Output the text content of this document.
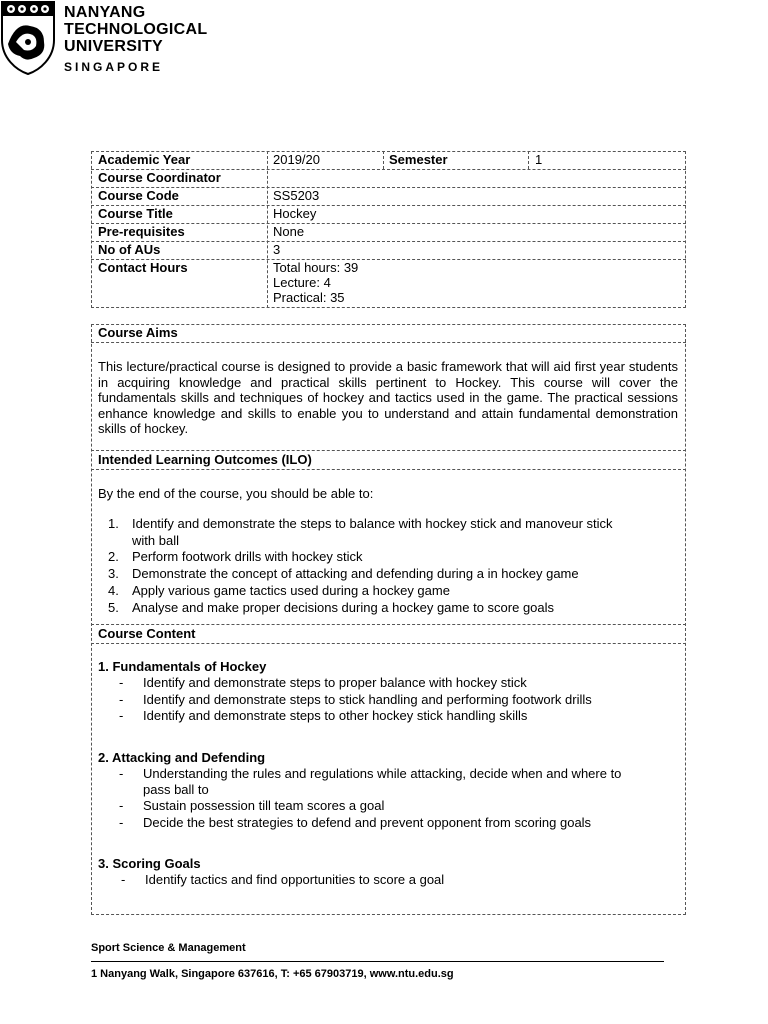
NANYANG
TECHNOLOGICAL
UNIVERSITY
SINGAPORE
Academic Year	2019/20	Semester	1
Course Coordinator
Course Code	SS5203
Course Title	Hockey
Pre-requisites	None
No of AUs	3
Contact Hours	Total hours: 39
Lecture: 4
Practical: 35
Course Aims
This lecture/practical course is designed to provide a basic framework that will aid first year students in acquiring knowledge and practical skills pertinent to Hockey. This course will cover the fundamentals skills and techniques of hockey and tactics used in the game. The practical sessions enhance knowledge and skills to enable you to understand and attain fundamental demonstration skills of hockey.
Intended Learning Outcomes (ILO)
By the end of the course, you should be able to:
1. Identify and demonstrate the steps to balance with hockey stick and manoveur stick
with ball
2. Perform footwork drills with hockey stick
3. Demonstrate the concept of attacking and defending during a in hockey game
4. Apply various game tactics used during a hockey game
5. Analyse and make proper decisions during a hockey game to score goals
Course Content
1. Fundamentals of Hockey
- Identify and demonstrate steps to proper balance with hockey stick
- Identify and demonstrate steps to stick handling and performing footwork drills
- Identify and demonstrate steps to other hockey stick handling skills
2. Attacking and Defending
- Understanding the rules and regulations while attacking, decide when and where to
pass ball to
- Sustain possession till team scores a goal
- Decide the best strategies to defend and prevent opponent from scoring goals
3. Scoring Goals
- Identify tactics and find opportunities to score a goal
Sport Science & Management
1 Nanyang Walk, Singapore 637616, T: +65 67903719, www.ntu.edu.sg
